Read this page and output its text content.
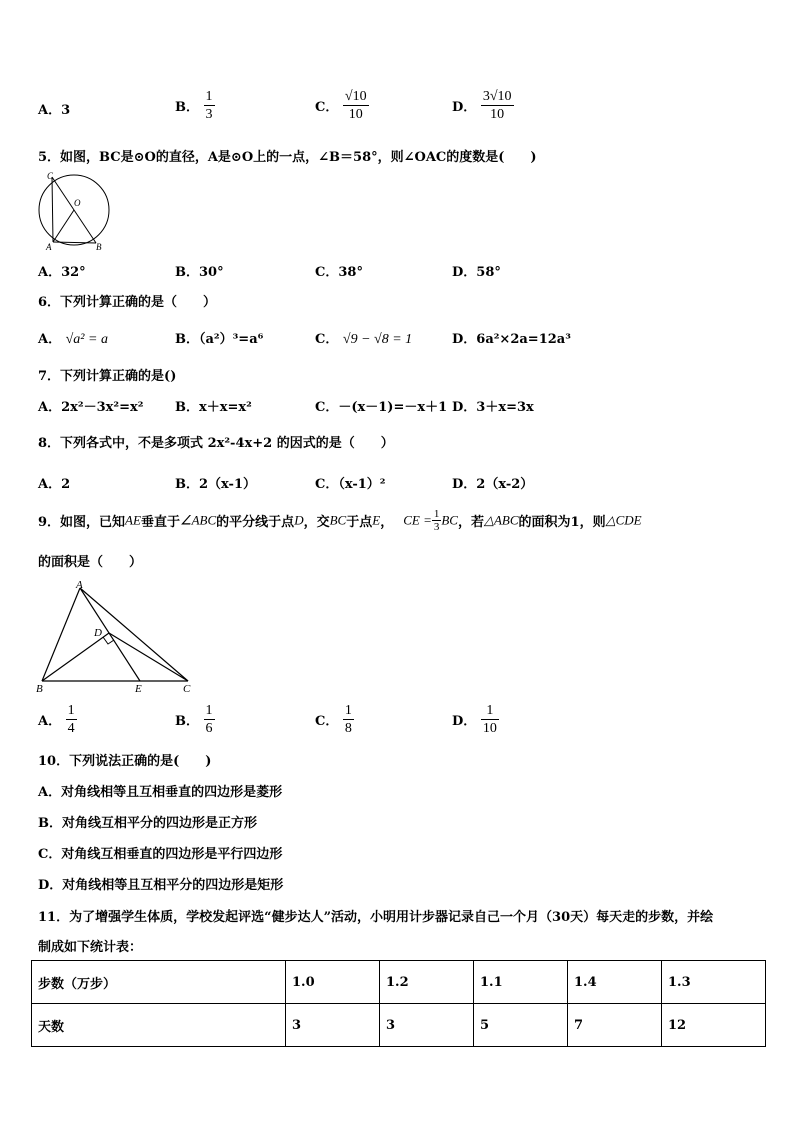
A．3	B． $\frac{1}{3}$	C． $\frac{√10}{10}$	D． $\frac{3√10}{10}$
5．如图，BC是⊙O的直径，A是⊙O上的一点，∠B＝58°，则∠OAC的度数是(　　)
C
O
A	B
A．32°	B．30°	C．38°	D．58°
6．下列计算正确的是（　　）
A． √a² = a	B．（a²）³=a⁶	C． √9 − √8 = 1	D．6a²×2a=12a³
7．下列计算正确的是()
A．2x²－3x²=x² B．x＋x=x²	C．－(x－1)=－x＋1 D．3＋x=3x
8．下列各式中，不是多项式 2x²-4x+2 的因式的是（　　）
A．2	B．2（x-1）	C．（x-1）²	D．2（x-2）
9．如图，已知AE垂直于∠ABC的平分线于点D，交BC于点E， CE = $\frac{1}{3}$ BC，若△ABC的面积为1，则△CDE
的面积是（　　）
A
B	C
D
E
A． $\frac{1}{4}$	B． $\frac{1}{6}$	C． $\frac{1}{8}$	D． $\frac{1}{10}$
10．下列说法正确的是(　　)
A．对角线相等且互相垂直的四边形是菱形
B．对角线互相平分的四边形是正方形
C．对角线互相垂直的四边形是平行四边形
D．对角线相等且互相平分的四边形是矩形
11．为了增强学生体质，学校发起评选“健步达人”活动，小明用计步器记录自己一个月（30天）每天走的步数，并绘
制成如下统计表：
步数（万步）	1.0	1.2	1.1	1.4	1.3
天数	3	3	5	7	12
